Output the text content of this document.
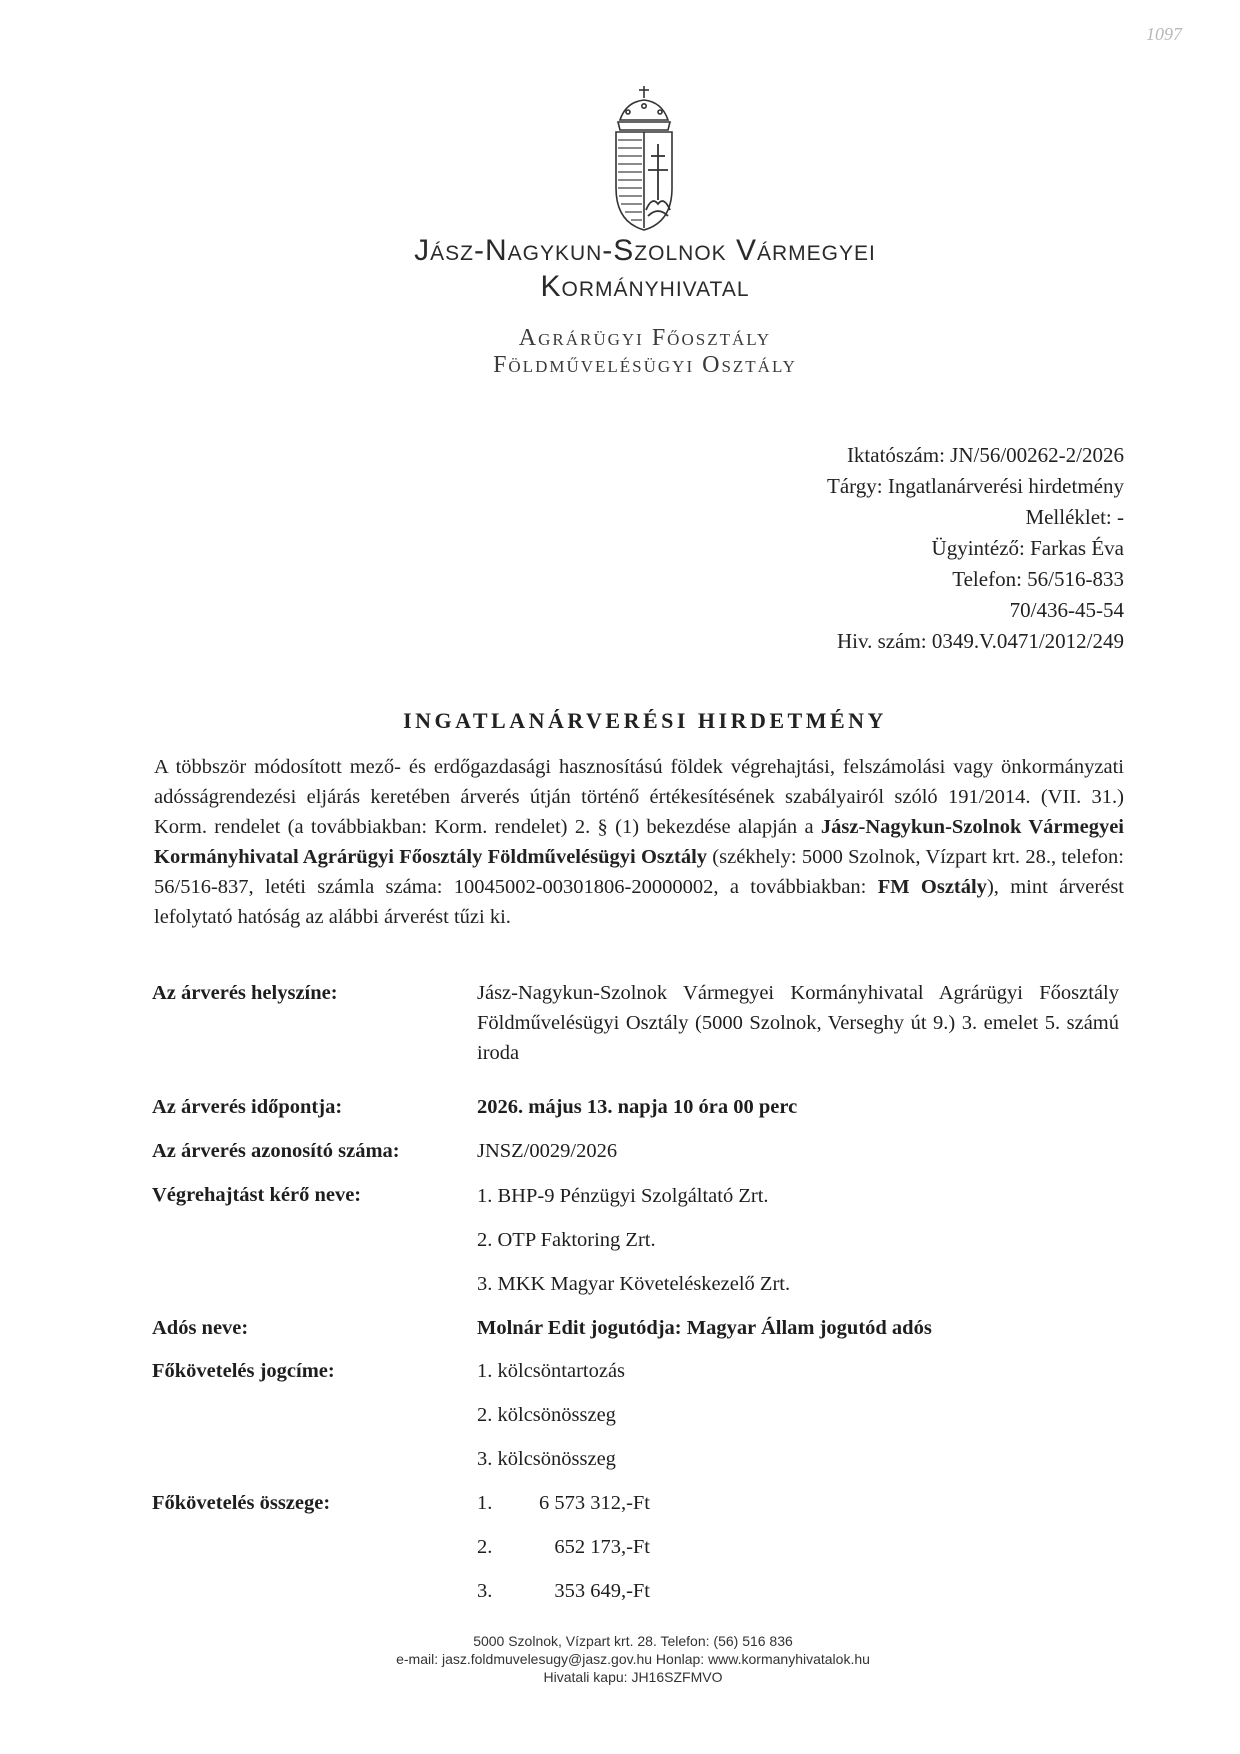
1097
Jász-Nagykun-Szolnok Vármegyei
Kormányhivatal
Agrárügyi Főosztály
Földművelésügyi Osztály
Iktatószám: JN/56/00262-2/2026
Tárgy: Ingatlanárverési hirdetmény
Melléklet: -
Ügyintéző: Farkas Éva
Telefon: 56/516-833
70/436-45-54
Hiv. szám: 0349.V.0471/2012/249
INGATLANÁRVERÉSI HIRDETMÉNY
A többször módosított mező- és erdőgazdasági hasznosítású földek végrehajtási, felszámolási vagy önkormányzati adósságrendezési eljárás keretében árverés útján történő értékesítésének szabályairól szóló 191/2014. (VII. 31.) Korm. rendelet (a továbbiakban: Korm. rendelet) 2. § (1) bekezdése alapján a Jász-Nagykun-Szolnok Vármegyei Kormányhivatal Agrárügyi Főosztály Földművelésügyi Osztály (székhely: 5000 Szolnok, Vízpart krt. 28., telefon: 56/516-837, letéti számla száma: 10045002-00301806-20000002, a továbbiakban: FM Osztály), mint árverést lefolytató hatóság az alábbi árverést tűzi ki.
Az árverés helyszíne:	Jász-Nagykun-Szolnok Vármegyei Kormányhivatal Agrárügyi Főosztály Földművelésügyi Osztály (5000 Szolnok, Verseghy út 9.) 3. emelet 5. számú iroda
Az árverés időpontja:	2026. május 13. napja 10 óra 00 perc
Az árverés azonosító száma:	JNSZ/0029/2026
Végrehajtást kérő neve:	1. BHP-9 Pénzügyi Szolgáltató Zrt.
2. OTP Faktoring Zrt.
3. MKK Magyar Követeléskezelő Zrt.
Adós neve:	Molnár Edit jogutódja: Magyar Állam jogutód adós
Főkövetelés jogcíme:	1. kölcsöntartozás
2. kölcsönösszeg
3. kölcsönösszeg
Főkövetelés összege:	1.	6 573 312,-Ft
2.	652 173,-Ft
3.	353 649,-Ft
5000 Szolnok, Vízpart krt. 28. Telefon: (56) 516 836
e-mail: jasz.foldmuvelesugy@jasz.gov.hu Honlap: www.kormanyhivatalok.hu
Hivatali kapu: JH16SZFMVO
